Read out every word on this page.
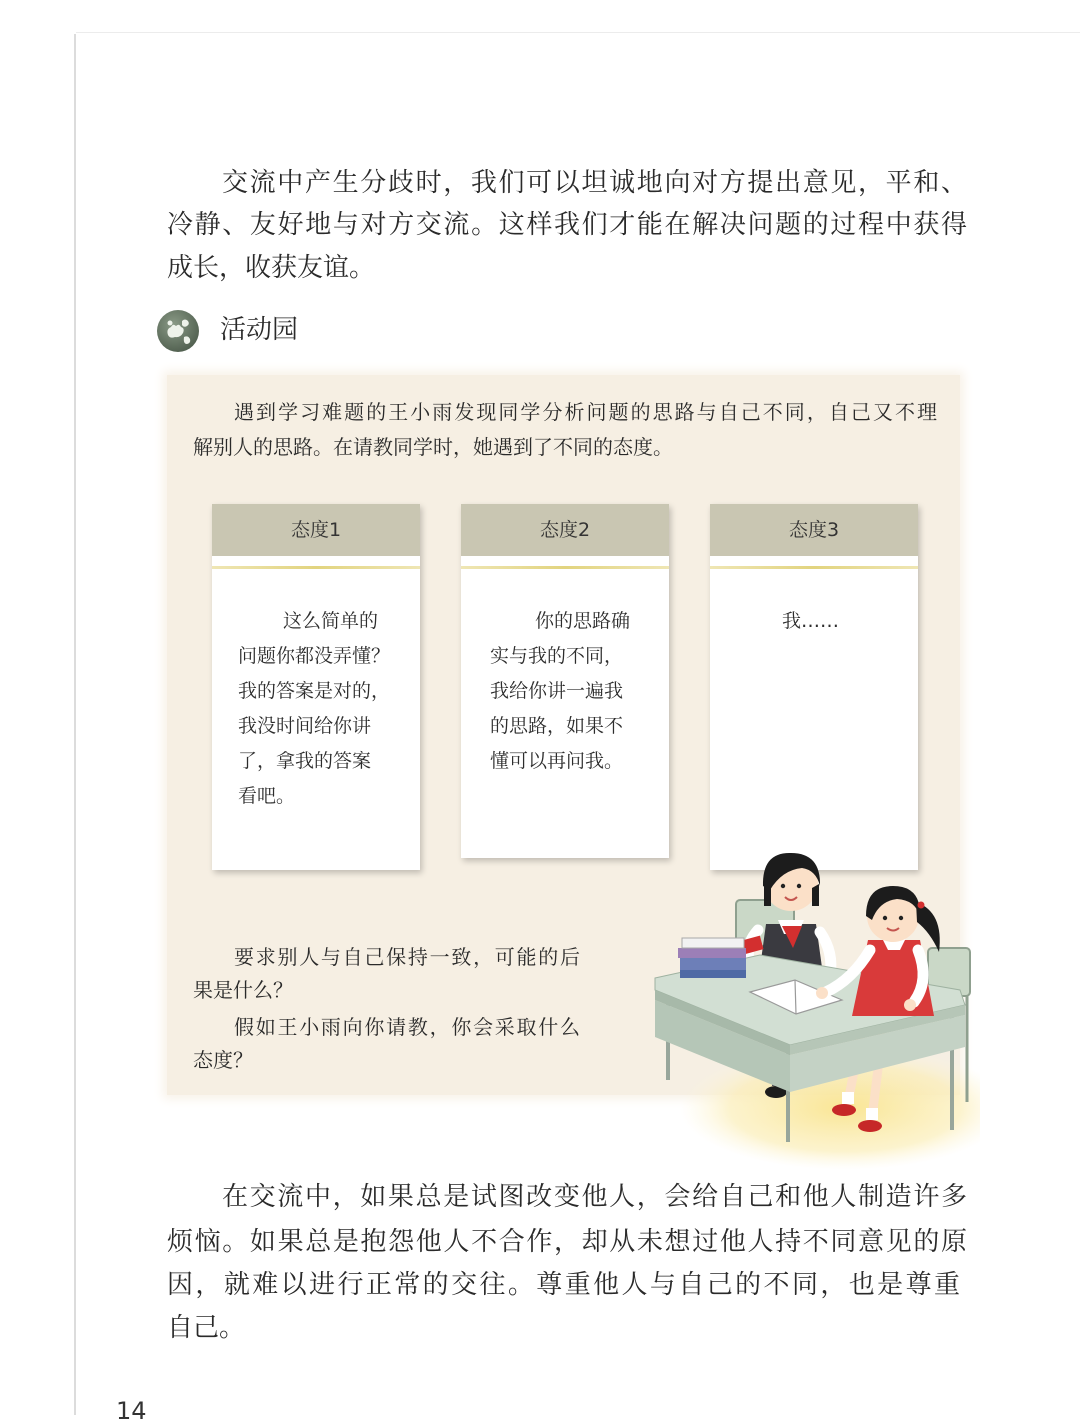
交流中产生分歧时，我们可以坦诚地向对方提出意见，平和、
冷静、友好地与对方交流。这样我们才能在解决问题的过程中获得
成长，收获友谊。
活动园
遇到学习难题的王小雨发现同学分析问题的思路与自己不同，自己又不理
解别人的思路。在请教同学时，她遇到了不同的态度。
态度1
这么简单的
问题你都没弄懂？
我的答案是对的，
我没时间给你讲
了，拿我的答案
看吧。
态度2
你的思路确
实与我的不同，
我给你讲一遍我
的思路，如果不
懂可以再问我。
态度3
我……
要求别人与自己保持一致，可能的后
果是什么？
假如王小雨向你请教，你会采取什么
态度？
在交流中，如果总是试图改变他人，会给自己和他人制造许多
烦恼。如果总是抱怨他人不合作，却从未想过他人持不同意见的原
因，就难以进行正常的交往。尊重他人与自己的不同，也是尊重
自己。
14
